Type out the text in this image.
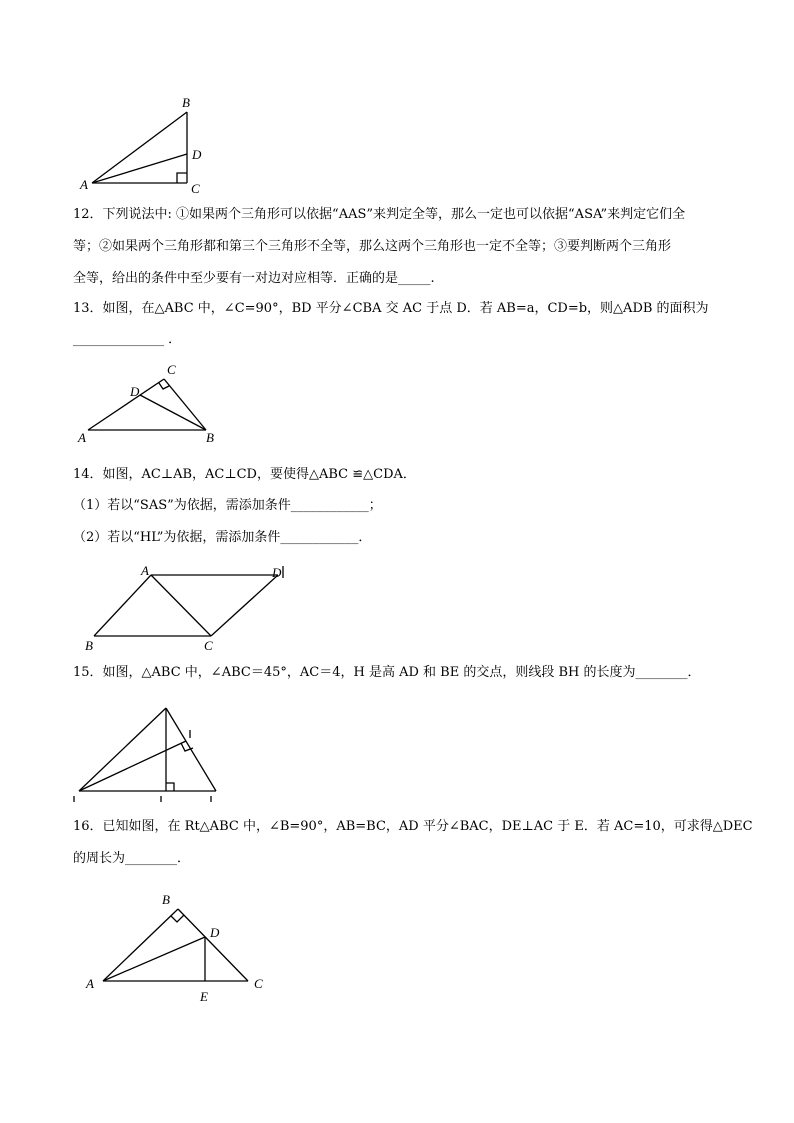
B
D
A	C
12．下列说法中: ①如果两个三角形可以依据“AAS”来判定全等，那么一定也可以依据“ASA”来判定它们全
等；②如果两个三角形都和第三个三角形不全等，那么这两个三角形也一定不全等；③要判断两个三角形
全等，给出的条件中至少要有一对边对应相等．正确的是_____.
13．如图，在△ABC 中，∠C=90°，BD 平分∠CBA 交 AC 于点 D．若 AB=a，CD=b，则△ADB 的面积为
______________ ．
C
D
A	B
14．如图，AC⊥AB，AC⊥CD，要使得△ABC ≌△CDA．
（1）若以“SAS”为依据，需添加条件____________；
（2）若以“HL”为依据，需添加条件____________．
A	D
B	C
15．如图，△ABC 中，∠ABC＝45°，AC＝4，H 是高 AD 和 BE 的交点，则线段 BH 的长度为________．
16．已知如图，在 Rt△ABC 中，∠B=90°，AB=BC，AD 平分∠BAC，DE⊥AC 于 E．若 AC=10，可求得△DEC
的周长为________．
B
D
A	C
E
